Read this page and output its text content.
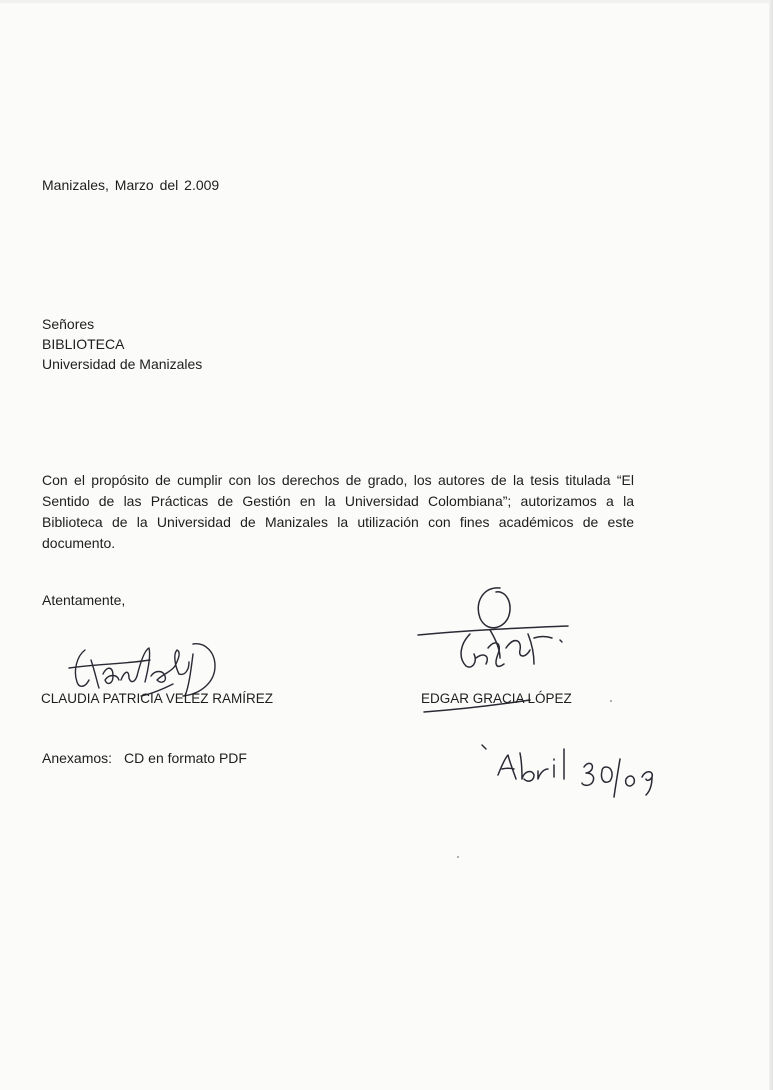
Manizales, Marzo del 2.009
Señores
BIBLIOTECA
Universidad de Manizales
Con el propósito de cumplir con los derechos de grado, los autores de la tesis titulada “El Sentido de las Prácticas de Gestión en la Universidad Colombiana”; autorizamos a la Biblioteca de la Universidad de Manizales la utilización con fines académicos de este documento.
Atentamente,
CLAUDIA PATRICIA VELEZ RAMÍREZ	EDGAR GRACIA LÓPEZ
Anexamos: CD en formato PDF
